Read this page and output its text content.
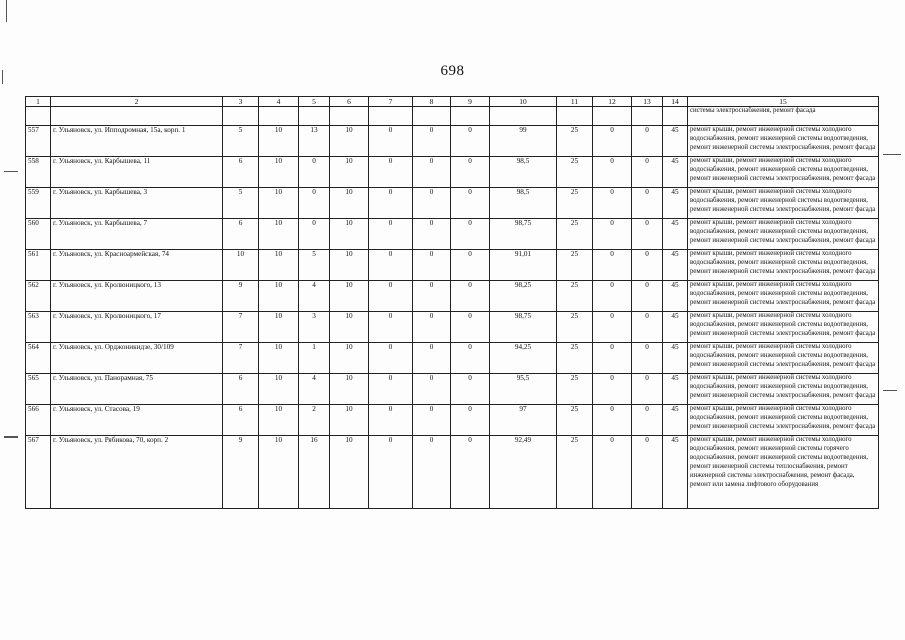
698
1	2	3	4	5	6	7	8	9	10	11	12	13	14	15
														системы электроснабжения, ремонт фасада
557	г. Ульяновск, ул. Ипподромная, 15а, корп. 1	5	10	13	10	0	0	0	99	25	0	0	45	ремонт крыши, ремонт инженерной системы холодного водоснабжения, ремонт инженерной системы водоотведения, ремонт инженерной системы электроснабжения, ремонт фасада
558	г. Ульяновск, ул. Карбышева, 11	6	10	0	10	0	0	0	98,5	25	0	0	45	ремонт крыши, ремонт инженерной системы холодного водоснабжения, ремонт инженерной системы водоотведения, ремонт инженерной системы электроснабжения, ремонт фасада
559	г. Ульяновск, ул. Карбышева, 3	5	10	0	10	0	0	0	98,5	25	0	0	45	ремонт крыши, ремонт инженерной системы холодного водоснабжения, ремонт инженерной системы водоотведения, ремонт инженерной системы электроснабжения, ремонт фасада
560	г. Ульяновск, ул. Карбышева, 7	6	10	0	10	0	0	0	98,75	25	0	0	45	ремонт крыши, ремонт инженерной системы холодного водоснабжения, ремонт инженерной системы водоотведения, ремонт инженерной системы электроснабжения, ремонт фасада
561	г. Ульяновск, ул. Красноармейская, 74	10	10	5	10	0	0	0	91,01	25	0	0	45	ремонт крыши, ремонт инженерной системы холодного водоснабжения, ремонт инженерной системы водоотведения, ремонт инженерной системы электроснабжения, ремонт фасада
562	г. Ульяновск, ул. Кролюницкого, 13	9	10	4	10	0	0	0	98,25	25	0	0	45	ремонт крыши, ремонт инженерной системы холодного водоснабжения, ремонт инженерной системы водоотведения, ремонт инженерной системы электроснабжения, ремонт фасада
563	г. Ульяновск, ул. Кролюницкого, 17	7	10	3	10	0	0	0	98,75	25	0	0	45	ремонт крыши, ремонт инженерной системы холодного водоснабжения, ремонт инженерной системы водоотведения, ремонт инженерной системы электроснабжения, ремонт фасада
564	г. Ульяновск, ул. Орджоникидзе, 30/109	7	10	1	10	0	0	0	94,25	25	0	0	45	ремонт крыши, ремонт инженерной системы холодного водоснабжения, ремонт инженерной системы водоотведения, ремонт инженерной системы электроснабжения, ремонт фасада
565	г. Ульяновск, ул. Панорамная, 75	6	10	4	10	0	0	0	95,5	25	0	0	45	ремонт крыши, ремонт инженерной системы холодного водоснабжения, ремонт инженерной системы водоотведения, ремонт инженерной системы электроснабжения, ремонт фасада
566	г. Ульяновск, ул. Стасова, 19	6	10	2	10	0	0	0	97	25	0	0	45	ремонт крыши, ремонт инженерной системы холодного водоснабжения, ремонт инженерной системы водоотведения, ремонт инженерной системы электроснабжения, ремонт фасада
567	г. Ульяновск, ул. Рябикова, 70, корп. 2	9	10	16	10	0	0	0	92,49	25	0	0	45	ремонт крыши, ремонт инженерной системы холодного водоснабжения, ремонт инженерной системы горячего водоснабжения, ремонт инженерной системы водоотведения, ремонт инженерной системы теплоснабжения, ремонт инженерной системы электроснабжения, ремонт фасада, ремонт или замена лифтового оборудования
